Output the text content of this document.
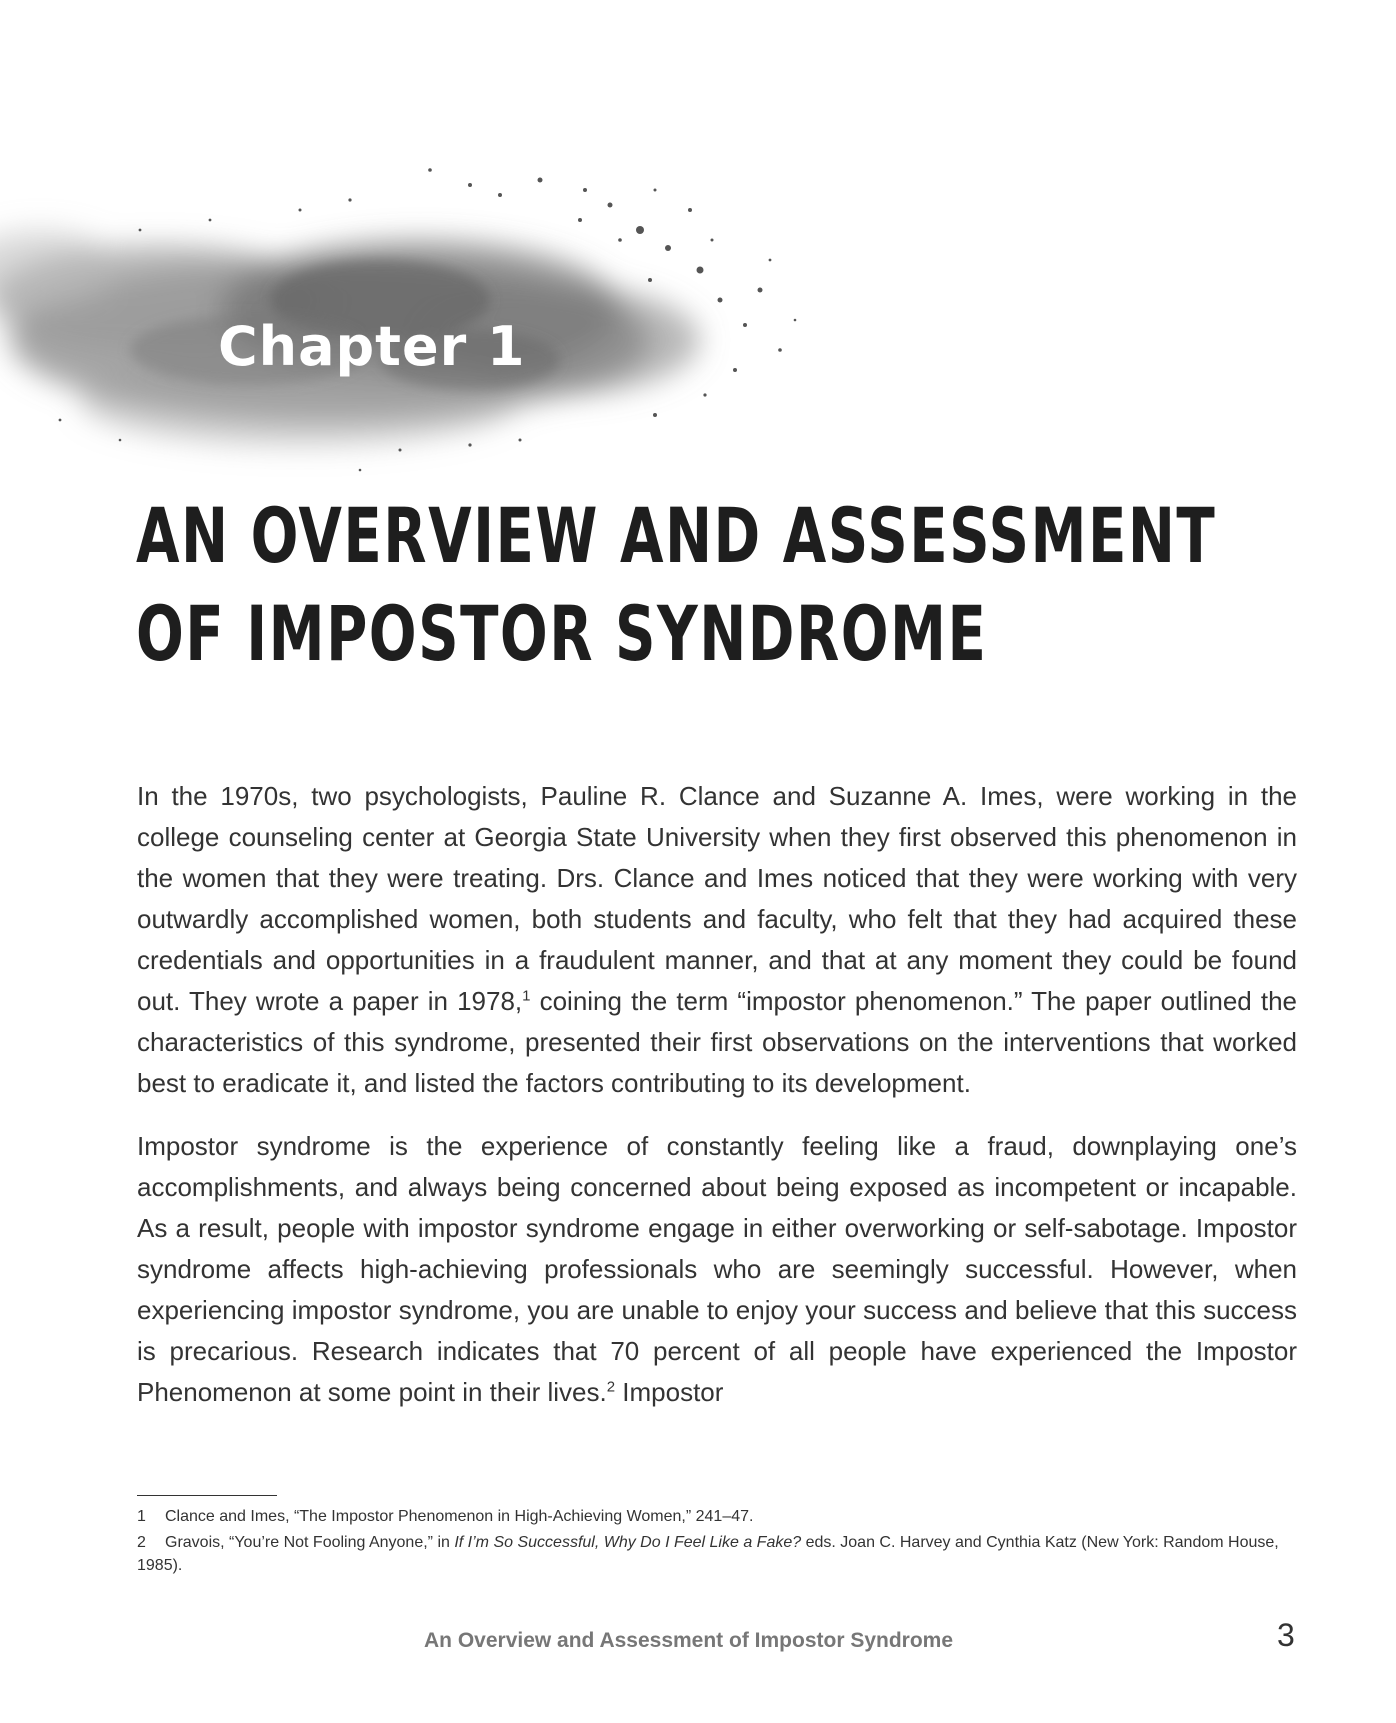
Chapter 1
AN OVERVIEW AND ASSESSMENT
OF IMPOSTOR SYNDROME

In the 1970s, two psychologists, Pauline R. Clance and Suzanne A. Imes, were working in the college counseling center at Georgia State University when they first observed this phenomenon in the women that they were treating. Drs. Clance and Imes noticed that they were working with very outwardly accomplished women, both students and faculty, who felt that they had acquired these credentials and opportunities in a fraudulent manner, and that at any moment they could be found out. They wrote a paper in 1978,$^1$ coining the term “impostor phenomenon.” The paper outlined the characteristics of this syndrome, presented their first observations on the interventions that worked best to eradicate it, and listed the factors contributing to its development.

Impostor syndrome is the experience of constantly feeling like a fraud, downplaying one’s accomplishments, and always being concerned about being exposed as incompetent or incapable. As a result, people with impostor syndrome engage in either overworking or self-sabotage. Impostor syndrome affects high-achieving professionals who are seemingly successful. However, when experiencing impostor syndrome, you are unable to enjoy your success and believe that this success is precarious. Research indicates that 70 percent of all people have experienced the Impostor Phenomenon at some point in their lives.$^2$ Impostor

1 Clance and Imes, “The Impostor Phenomenon in High-Achieving Women,” 241–47.

2 Gravois, “You’re Not Fooling Anyone,” in If I’m So Successful, Why Do I Feel Like a Fake? eds. Joan C. Harvey and Cynthia Katz (New York: Random House, 1985).

An Overview and Assessment of Impostor Syndrome	3
